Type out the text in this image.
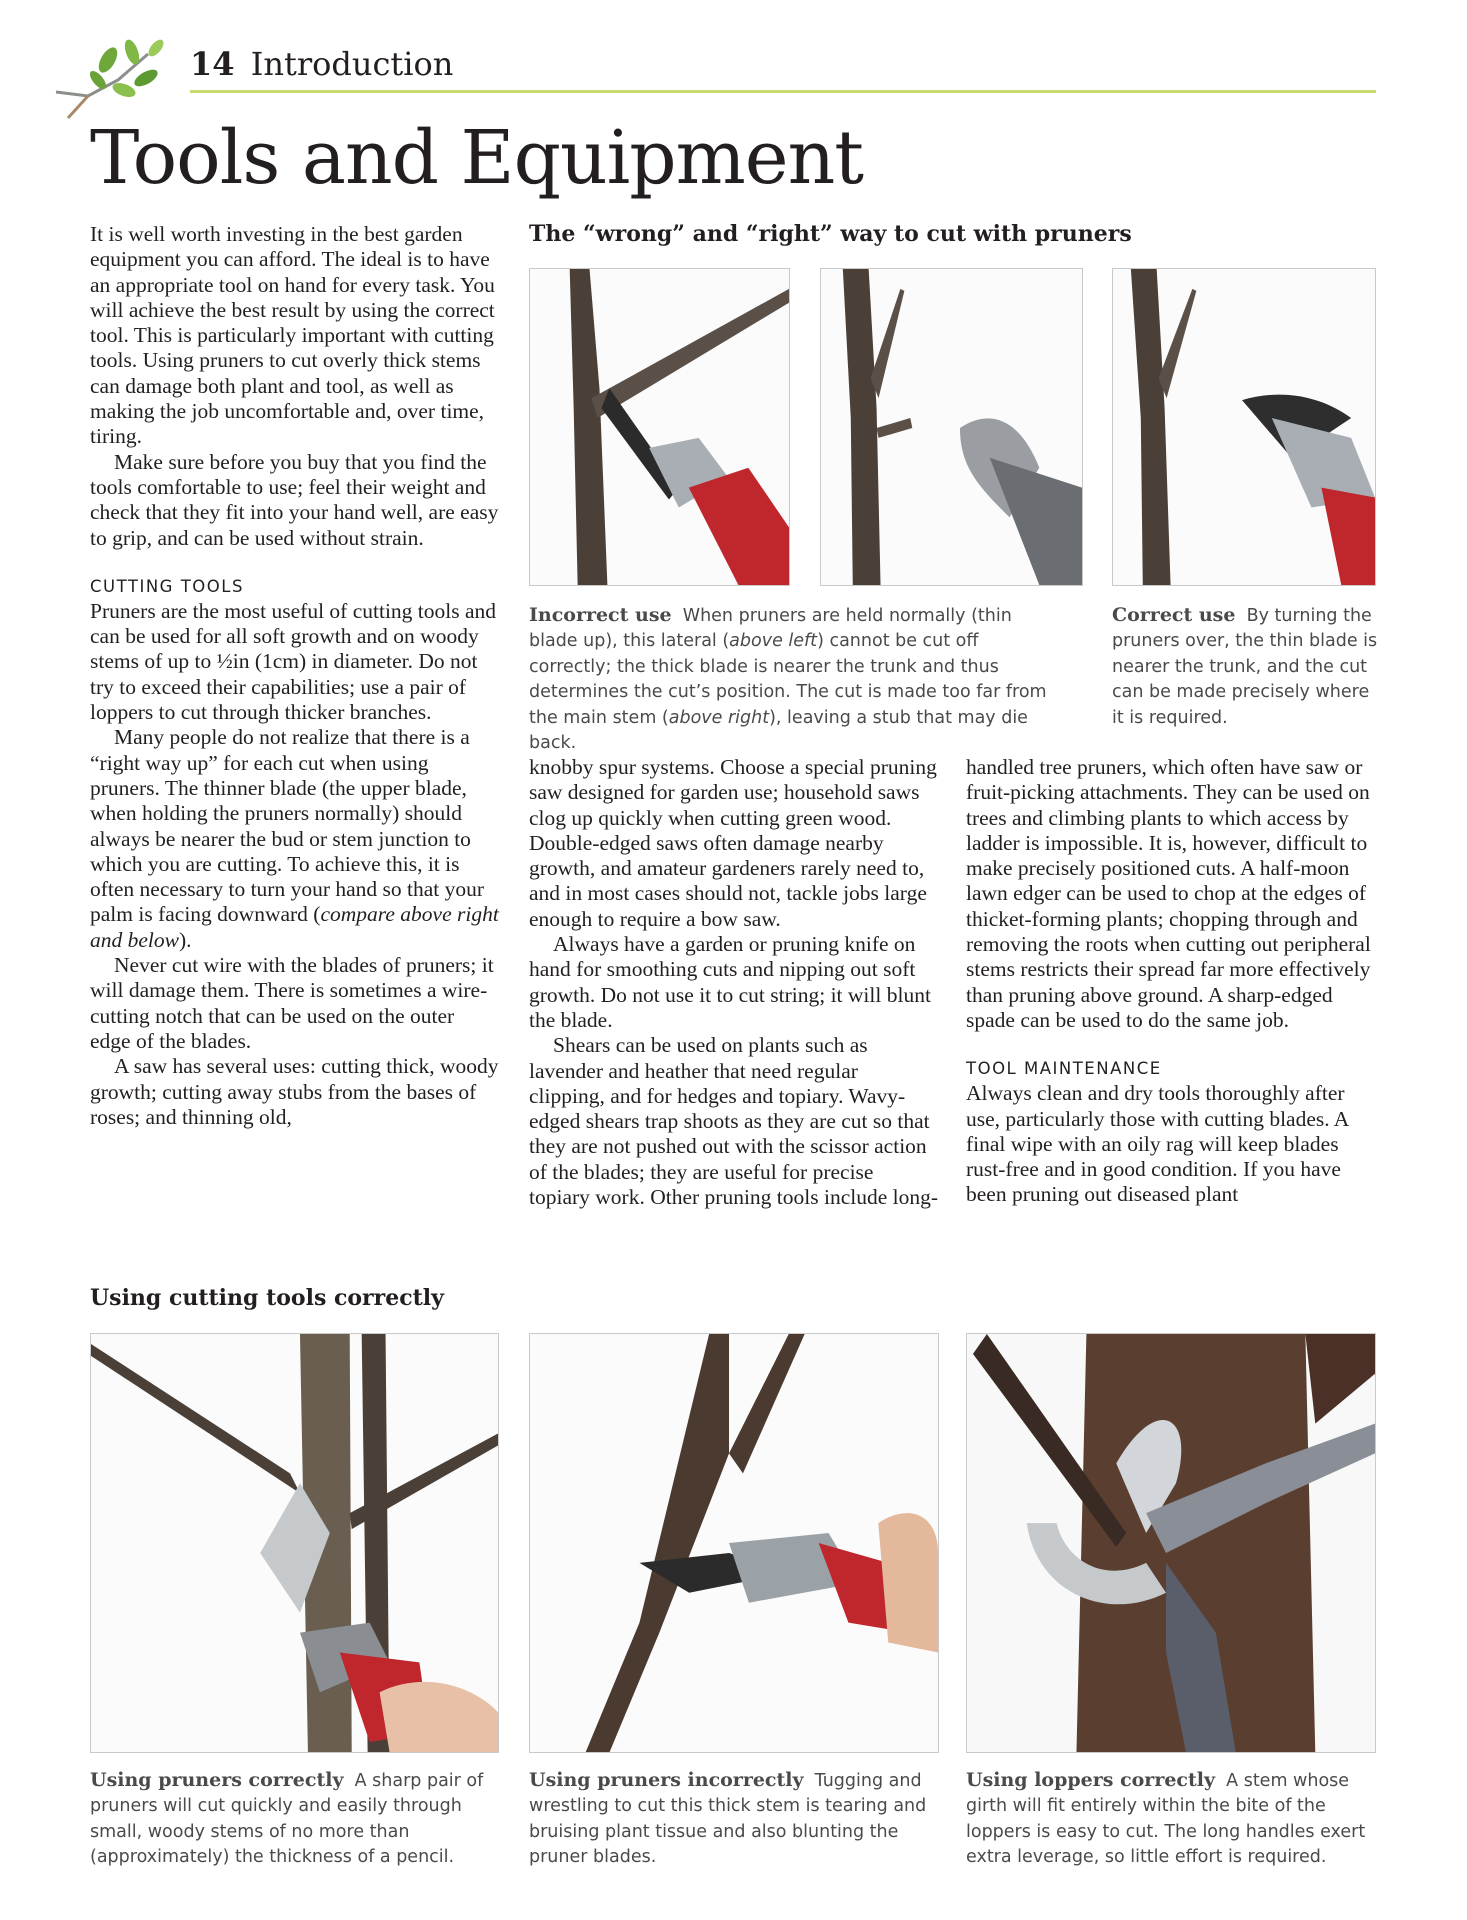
14 Introduction
Tools and Equipment

It is well worth investing in the best garden equipment you can afford. The ideal is to have an appropriate tool on hand for every task. You will achieve the best result by using the correct tool. This is particularly important with cutting tools. Using pruners to cut overly thick stems can damage both plant and tool, as well as making the job uncomfortable and, over time, tiring.

Make sure before you buy that you find the tools comfortable to use; feel their weight and check that they fit into your hand well, are easy to grip, and can be used without strain.

CUTTING TOOLS

Pruners are the most useful of cutting tools and can be used for all soft growth and on woody stems of up to ½in (1cm) in diameter. Do not try to exceed their capabilities; use a pair of loppers to cut through thicker branches.

Many people do not realize that there is a “right way up” for each cut when using pruners. The thinner blade (the upper blade, when holding the pruners normally) should always be nearer the bud or stem junction to which you are cutting. To achieve this, it is often necessary to turn your hand so that your palm is facing downward (compare above right and below).

Never cut wire with the blades of pruners; it will damage them. There is sometimes a wire-cutting notch that can be used on the outer edge of the blades.

A saw has several uses: cutting thick, woody growth; cutting away stubs from the bases of roses; and thinning old,

The “wrong” and “right” way to cut with pruners
Incorrect use When pruners are held normally (thin blade up), this lateral (above left) cannot be cut off correctly; the thick blade is nearer the trunk and thus determines the cut’s position. The cut is made too far from the main stem (above right), leaving a stub that may die back.
Correct use By turning the pruners over, the thin blade is nearer the trunk, and the cut can be made precisely where it is required.

knobby spur systems. Choose a special pruning saw designed for garden use; household saws clog up quickly when cutting green wood. Double-edged saws often damage nearby growth, and amateur gardeners rarely need to, and in most cases should not, tackle jobs large enough to require a bow saw.

Always have a garden or pruning knife on hand for smoothing cuts and nipping out soft growth. Do not use it to cut string; it will blunt the blade.

Shears can be used on plants such as lavender and heather that need regular clipping, and for hedges and topiary. Wavy-edged shears trap shoots as they are cut so that they are not pushed out with the scissor action of the blades; they are useful for precise topiary work. Other pruning tools include long-

handled tree pruners, which often have saw or fruit-picking attachments. They can be used on trees and climbing plants to which access by ladder is impossible. It is, however, difficult to make precisely positioned cuts. A half-moon lawn edger can be used to chop at the edges of thicket-forming plants; chopping through and removing the roots when cutting out peripheral stems restricts their spread far more effectively than pruning above ground. A sharp-edged spade can be used to do the same job.

TOOL MAINTENANCE

Always clean and dry tools thoroughly after use, particularly those with cutting blades. A final wipe with an oily rag will keep blades rust-free and in good condition. If you have been pruning out diseased plant

Using cutting tools correctly
Using pruners correctly A sharp pair of pruners will cut quickly and easily through small, woody stems of no more than (approximately) the thickness of a pencil.
Using pruners incorrectly Tugging and wrestling to cut this thick stem is tearing and bruising plant tissue and also blunting the pruner blades.
Using loppers correctly A stem whose girth will fit entirely within the bite of the loppers is easy to cut. The long handles exert extra leverage, so little effort is required.
